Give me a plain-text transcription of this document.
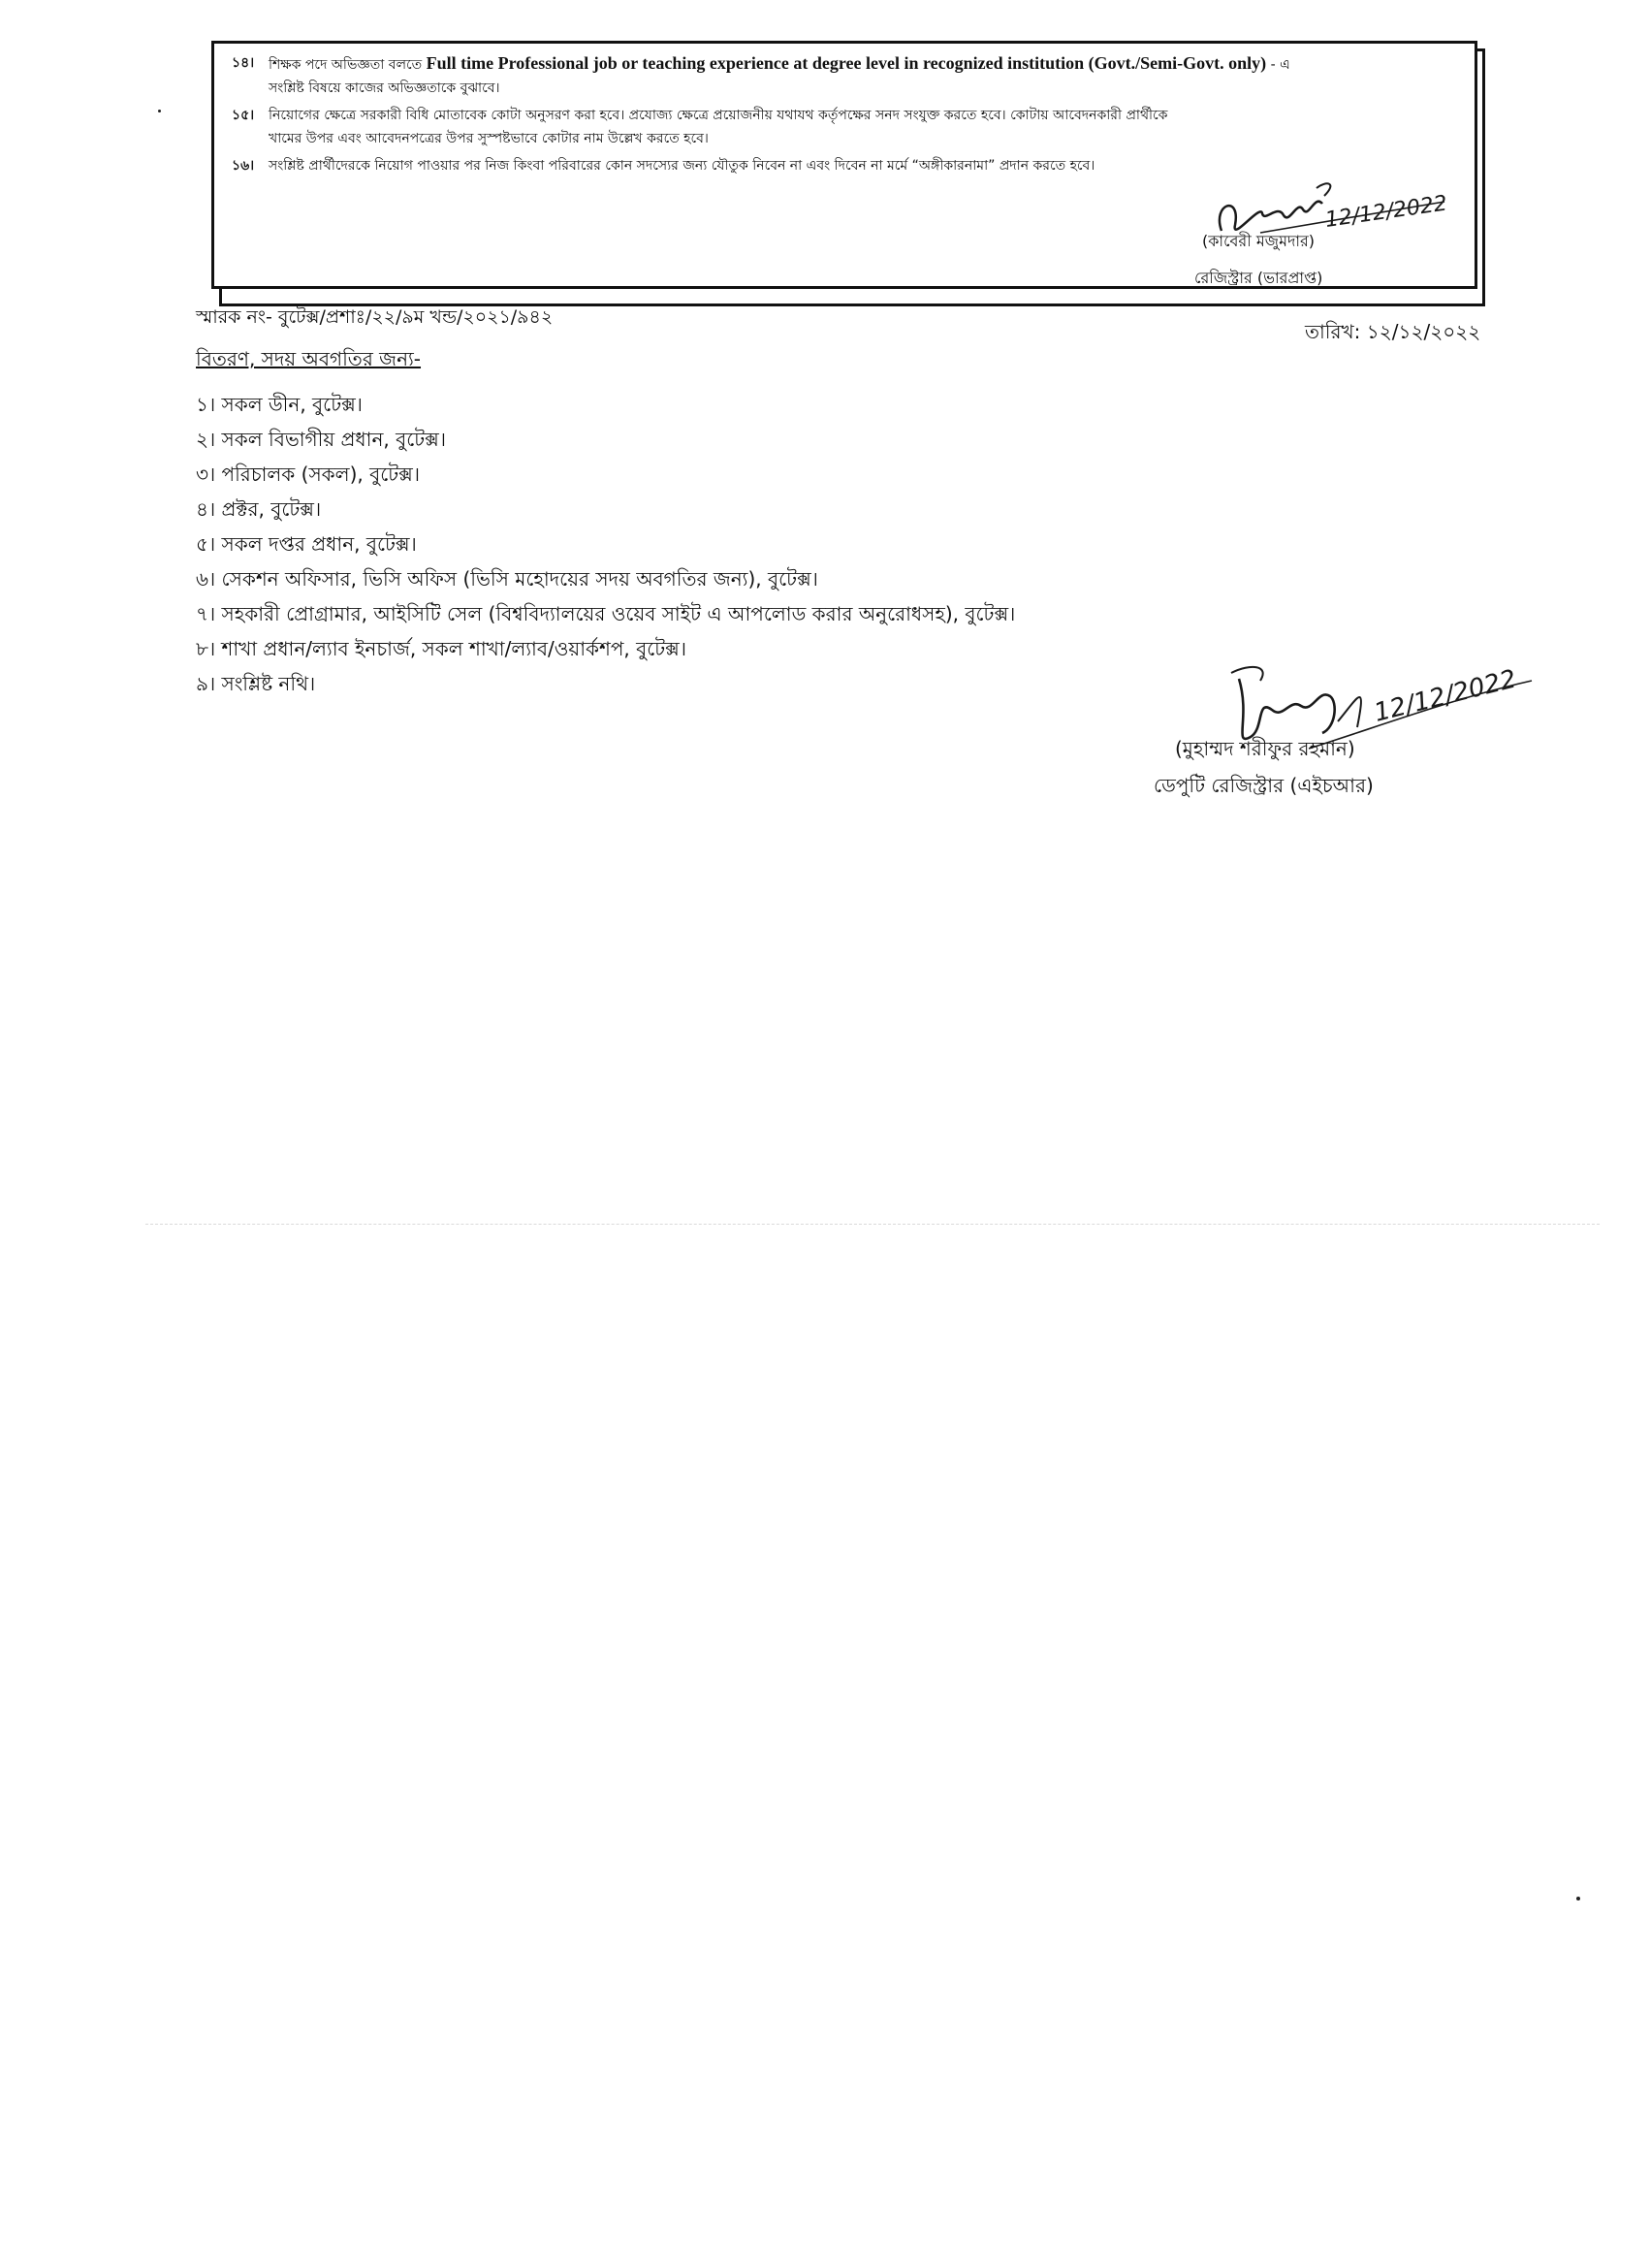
১৪।	শিক্ষক পদে অভিজ্ঞতা বলতে Full time Professional job or teaching experience at degree level in recognized institution (Govt./Semi-Govt. only) - এ
সংশ্লিষ্ট বিষয়ে কাজের অভিজ্ঞতাকে বুঝাবে।
১৫।	নিয়োগের ক্ষেত্রে সরকারী বিধি মোতাবেক কোটা অনুসরণ করা হবে। প্রযোজ্য ক্ষেত্রে প্রয়োজনীয় যথাযথ কর্তৃপক্ষের সনদ সংযুক্ত করতে হবে। কোটায় আবেদনকারী প্রার্থীকে
খামের উপর এবং আবেদনপত্রের উপর সুস্পষ্টভাবে কোটার নাম উল্লেখ করতে হবে।
১৬।	সংশ্লিষ্ট প্রার্থীদেরকে নিয়োগ পাওয়ার পর নিজ কিংবা পরিবারের কোন সদস্যের জন্য যৌতুক নিবেন না এবং দিবেন না মর্মে “অঙ্গীকারনামা” প্রদান করতে হবে।
12/12/2022
(কাবেরী মজুমদার)
রেজিস্ট্রার (ভারপ্রাপ্ত)
স্মারক নং- বুটেক্স/প্রশাঃ/২২/৯ম খন্ড/২০২১/৯৪২
তারিখ: ১২/১২/২০২২
বিতরণ, সদয় অবগতির জন্য-
১। সকল ডীন, বুটেক্স।
২। সকল বিভাগীয় প্রধান, বুটেক্স।
৩। পরিচালক (সকল), বুটেক্স।
৪। প্রক্টর, বুটেক্স।
৫। সকল দপ্তর প্রধান, বুটেক্স।
৬। সেকশন অফিসার, ভিসি অফিস (ভিসি মহোদয়ের সদয় অবগতির জন্য), বুটেক্স।
৭। সহকারী প্রোগ্রামার, আইসিটি সেল (বিশ্ববিদ্যালয়ের ওয়েব সাইট এ আপলোড করার অনুরোধসহ), বুটেক্স।
৮। শাখা প্রধান/ল্যাব ইনচার্জ, সকল শাখা/ল্যাব/ওয়ার্কশপ, বুটেক্স।
৯। সংশ্লিষ্ট নথি।	12/12/2022
(মুহাম্মদ শরীফুর রহমান)
ডেপুটি রেজিস্ট্রার (এইচআর)
